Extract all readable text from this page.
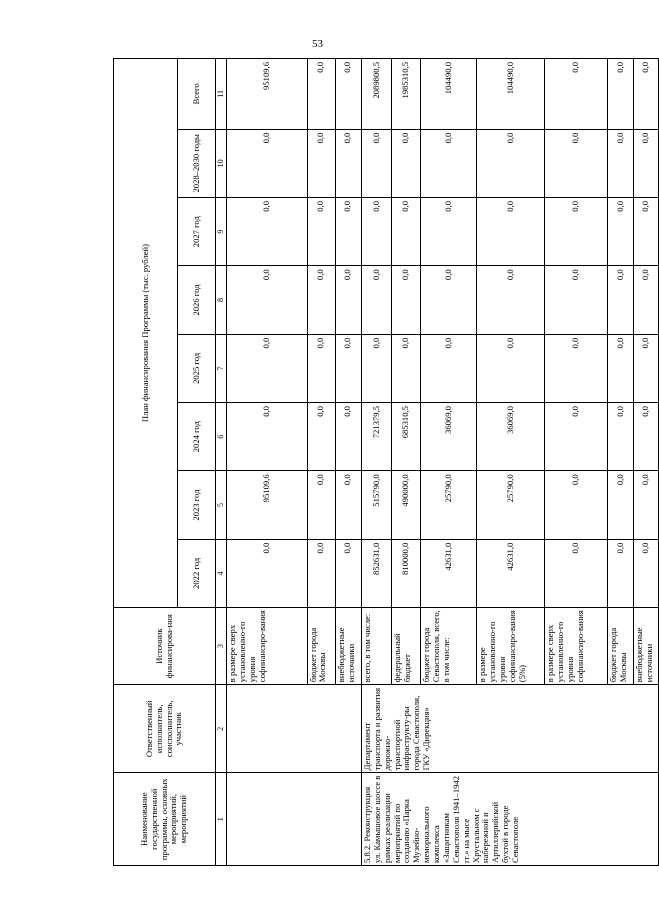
53
Наименование государственной программы, основных мероприятий, мероприятий	Ответственный исполнитель, соисполнитель, участник	Источник финансирова-ния	План финансирования Программы (тыс. рублей)							
			2022 год	2023 год	2024 год	2025 год	2026 год	2027 год	2028–2030 годы	Всего
1	2	3	4	5	6	7	8	9	10	11
		в размере сверх установленно-го уровня софинансиро-вания	0,0	95109,6	0,0	0,0	0,0	0,0	0,0	95109,6
		бюджет города Москвы	0,0	0,0	0,0	0,0	0,0	0,0	0,0	0,0
		внебюджетные источники	0,0	0,0	0,0	0,0	0,0	0,0	0,0	0,0
5.8.2. Реконструкция ул. Камышовое шоссе в рамках реализации мероприятий по созданию «Парка Музейно-мемориального комплекса «Защитникам Севастополя 1941–1942 гг.» на мысе Хрустальном с набережной и Артиллерийской бухтой в городе Севастополе	Департамент транспорта и развития дорожно-транспортной инфраструкту-ры города Севастополя, ГКУ «Дирекция»	всего, в том числе:	852631,0	515790,0	721379,5	0,0	0,0	0,0	0,0	2089800,5
		федеральный бюджет	810000,0	490000,0	685310,5	0,0	0,0	0,0	0,0	1985310,5
		бюджет города Севастополя, всего, в том числе:	42631,0	25790,0	36069,0	0,0	0,0	0,0	0,0	104490,0
		в размере установленно-го уровня софинансиро-вания (5%)	42631,0	25790,0	36069,0	0,0	0,0	0,0	0,0	104490,0
		в размере сверх установленно-го уровня софинансиро-вания	0,0	0,0	0,0	0,0	0,0	0,0	0,0	0,0
		бюджет города Москвы	0,0	0,0	0,0	0,0	0,0	0,0	0,0	0,0
		внебюджетные источники	0,0	0,0	0,0	0,0	0,0	0,0	0,0	0,0
